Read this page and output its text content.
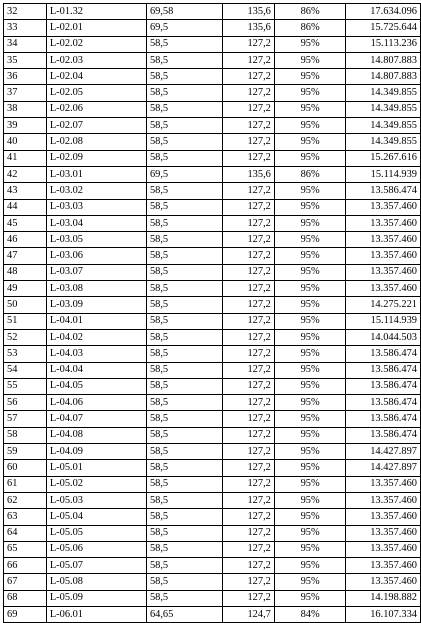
32	L-01.32	69,58	135,6	86%	17.634.096
33	L-02.01	69,5	135,6	86%	15.725.644
34	L-02.02	58,5	127,2	95%	15.113.236
35	L-02.03	58,5	127,2	95%	14.807.883
36	L-02.04	58,5	127,2	95%	14.807.883
37	L-02.05	58,5	127,2	95%	14.349.855
38	L-02.06	58,5	127,2	95%	14.349.855
39	L-02.07	58,5	127,2	95%	14.349.855
40	L-02.08	58,5	127,2	95%	14.349.855
41	L-02.09	58,5	127,2	95%	15.267.616
42	L-03.01	69,5	135,6	86%	15.114.939
43	L-03.02	58,5	127,2	95%	13.586.474
44	L-03.03	58,5	127,2	95%	13.357.460
45	L-03.04	58,5	127,2	95%	13.357.460
46	L-03.05	58,5	127,2	95%	13.357.460
47	L-03.06	58,5	127,2	95%	13.357.460
48	L-03.07	58,5	127,2	95%	13.357.460
49	L-03.08	58,5	127,2	95%	13.357.460
50	L-03.09	58,5	127,2	95%	14.275.221
51	L-04.01	58,5	127,2	95%	15.114.939
52	L-04.02	58,5	127,2	95%	14.044.503
53	L-04.03	58,5	127,2	95%	13.586.474
54	L-04.04	58,5	127,2	95%	13.586.474
55	L-04.05	58,5	127,2	95%	13.586.474
56	L-04.06	58,5	127,2	95%	13.586.474
57	L-04.07	58,5	127,2	95%	13.586.474
58	L-04.08	58,5	127,2	95%	13.586.474
59	L-04.09	58,5	127,2	95%	14.427.897
60	L-05.01	58,5	127,2	95%	14.427.897
61	L-05.02	58,5	127,2	95%	13.357.460
62	L-05.03	58,5	127,2	95%	13.357.460
63	L-05.04	58,5	127,2	95%	13.357.460
64	L-05.05	58,5	127,2	95%	13.357.460
65	L-05.06	58,5	127,2	95%	13.357.460
66	L-05.07	58,5	127,2	95%	13.357.460
67	L-05.08	58,5	127,2	95%	13.357.460
68	L-05.09	58,5	127,2	95%	14.198.882
69	L-06.01	64,65	124,7	84%	16.107.334
